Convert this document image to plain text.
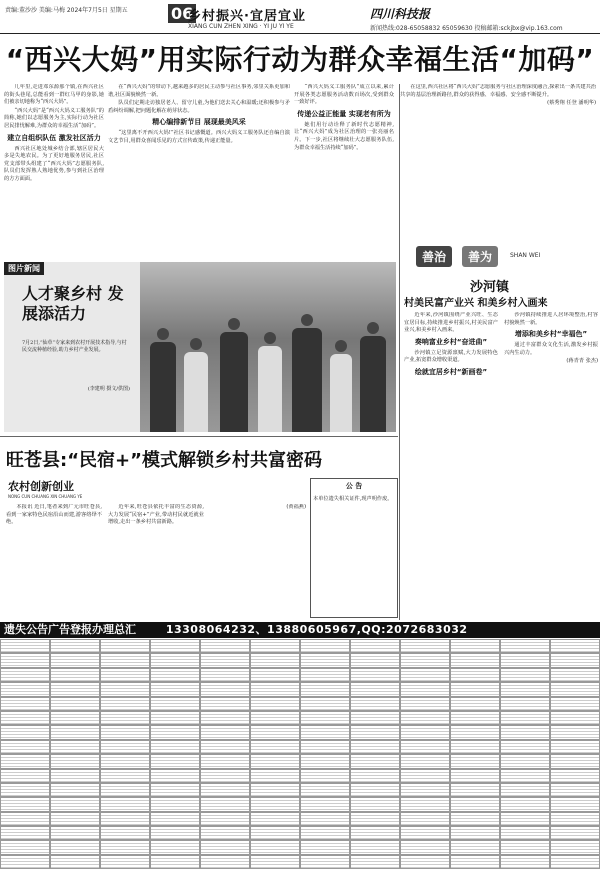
责编:董沙沙 美编:马梅 2024年7月5日 星期五	06
乡村振兴·宜居宜业
XIANG CUN ZHEN XING · YI JU YI YE
四川科技报
新闻热线:028-65058832 65059630 投稿邮箱:sckjbx@vip.163.com
“西兴大妈”用实际行动为群众幸福生活“加码”

几年里,走进邓东源那个镇,在西兴社区的街头巷尾,总能看到一群红马甲的身影,她们被亲切地称为“西兴大妈”。

“西兴大妈”是“西兴大妈义工服务队”的简称,她们以志愿服务为主,实际行动为社区居民排忧解难,为群众的幸福生活“加码”。

建立自组织队伍 激发社区活力

西兴社区地处城乡结合部,辖区居民大多是失地农民。为了更好地服务居民,社区党支部带头组建了“西兴大妈”志愿服务队,队员们发挥熟人熟地优势,参与到社区治理的方方面面。

在“西兴大妈”的带动下,越来越多的居民主动参与社区事务,邻里关系更加和谐,社区面貌焕然一新。

队员们定期走访独居老人、留守儿童,为他们送去关心和温暖;还积极参与矛盾纠纷调解,把问题化解在萌芽状态。

精心编排新节目 展现最美风采

“这里离不开西兴大妈!”社区书记感慨道。西兴大妈义工服务队还自编自演文艺节目,用群众喜闻乐见的方式宣传政策,传递正能量。

“西兴大妈义工服务队”成立以来,累计开展各类志愿服务活动数百场次,受到群众一致好评。

传递公益正能量 实现老有所为

她们用行动诠释了新时代志愿精神,让“西兴大妈”成为社区治理的一张亮丽名片。下一步,社区将继续壮大志愿服务队伍,为群众幸福生活持续“加码”。

在这里,西兴社区将“西兴大妈”志愿服务与社区治理深度融合,探索出一条共建共治共享的基层治理新路径,群众的获得感、幸福感、安全感不断提升。

(蔡秀翔 任登 潘明华)

善治	善为	SHAN WEI
图片新闻
人才聚乡村 发展添活力
7月2日,“仙草”专家来到农村开展技术指导,与村民交流种植经验,助力乡村产业发展。
(李建明 摄文/供图)
沙河镇
村美民富产业兴 和美乡村入画来

近年来,沙河镇围绕产业兴旺、生态宜居目标,持续推进乡村振兴,村美民富产业兴,和美乡村入画来。

奏响富业乡村“奋进曲”

沙河镇立足资源禀赋,大力发展特色产业,拓宽群众增收渠道。

绘就宜居乡村“新画卷”

沙河镇持续推进人居环境整治,村容村貌焕然一新。

增添和美乡村“幸福色”

通过丰富群众文化生活,激发乡村振兴内生动力。

(蒋青青 张杰)

旺苍县:“民宿+”模式解锁乡村共富密码
农村创新创业
NONG CUN CHUANG XIN CHUANG YE

本报讯 近日,笔者来到广元市旺苍县,看到一家家特色民宿沿山而建,游客络绎不绝。

近年来,旺苍县依托丰富的生态资源,大力发展“民宿+”产业,带动村民就近就业增收,走出一条乡村共富新路。

(黄福燕)

公 告
本单位遗失相关证件,现声明作废。
遗失公告广告登报办理总汇	13308064232、13880605967,QQ:2072683032
